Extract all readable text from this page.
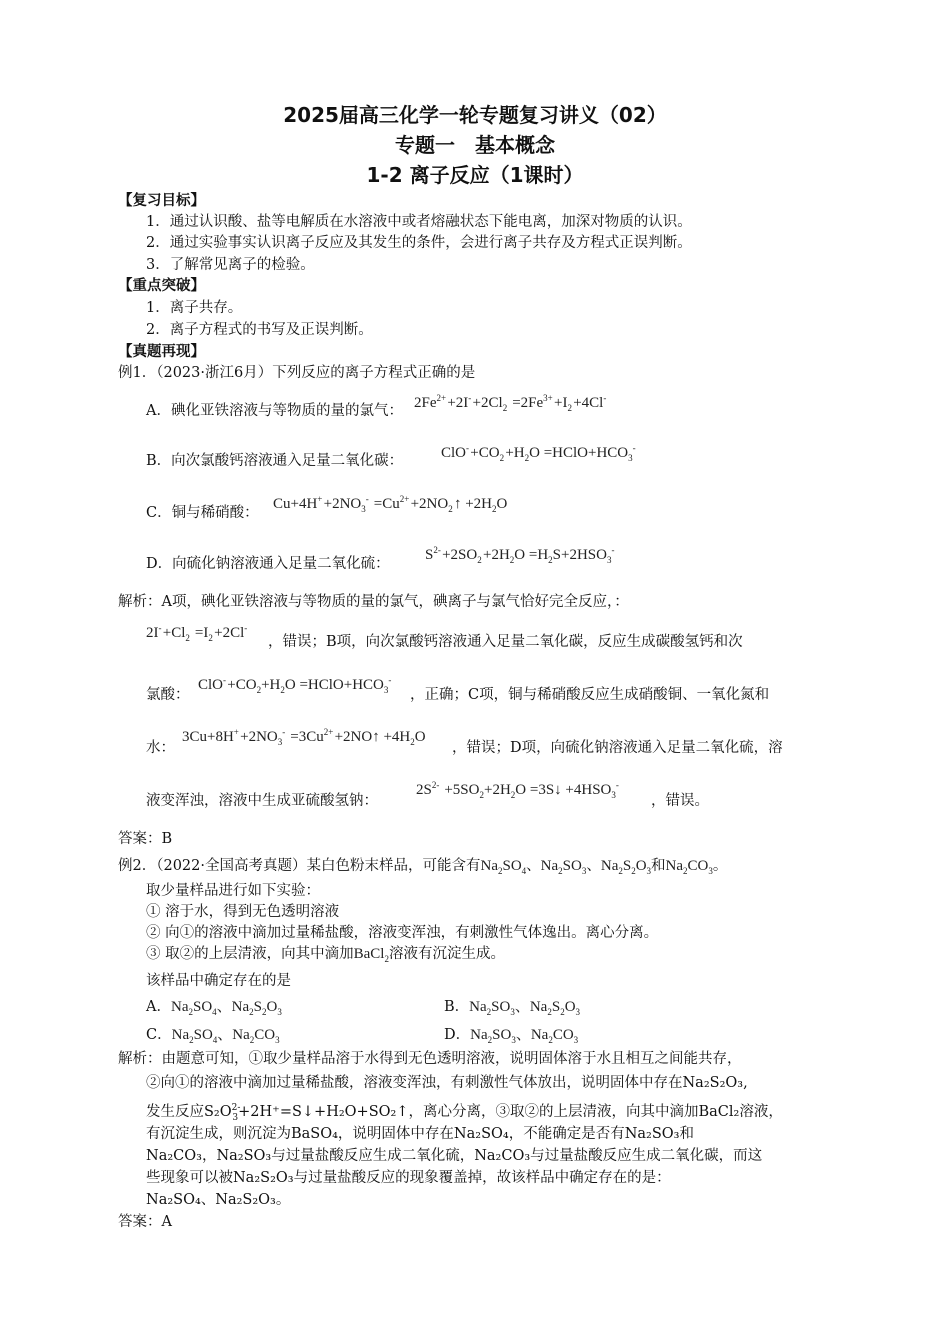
2025届高三化学一轮专题复习讲义（02）
专题一　基本概念
1-2 离子反应（1课时）
【复习目标】
1．通过认识酸、盐等电解质在水溶液中或者熔融状态下能电离，加深对物质的认识。
2．通过实验事实认识离子反应及其发生的条件，会进行离子共存及方程式正误判断。
3．了解常见离子的检验。
【重点突破】
1．离子共存。
2．离子方程式的书写及正误判断。
【真题再现】
例1．（2023·浙江6月）下列反应的离子方程式正确的是
A．碘化亚铁溶液与等物质的量的氯气： $2Fe^{2+}$ +2I- $+2Cl_2$  $=2Fe^{3+}$ $+I_2$ +4Cl-
B．向次氯酸钙溶液通入足量二氧化碳：	ClO- $+CO_2$ $+H_2O$ $=HClO+HCO_3^-$
C．铜与稀硝酸：
Cu+4H+ $+2NO_3^-$  $=Cu^{2+}$ $+2NO_2$ ↑ $+2H_2O$
D．向硫化钠溶液通入足量二氧化硫：
$S^{2-}$ $+2SO_2$ $+2H_2O =H_2S+2HSO_3^-$
解析：A项，碘化亚铁溶液与等物质的量的氯气，碘离子与氯气恰好完全反应，：
2I- $+Cl_2$  $=I_2$ +2Cl-
，错误；B项，向次氯酸钙溶液通入足量二氧化碳，反应生成碳酸氢钙和次
氯酸：
ClO- $+CO_2+H_2O$ $=HClO+HCO_3^-$
，正确；C项，铜与稀硝酸反应生成硝酸铜、一氧化氮和
水：
3Cu+8H+ $+2NO_3^-$  $=3Cu^{2+}$ +2NO↑ $+4H_2O$
，错误；D项，向硫化钠溶液通入足量二氧化硫，溶
液变浑浊，溶液中生成亚硫酸氢钠：
$2S^{2-}$  $+5SO_2+2H_2O$ =3S↓ $+4HSO_3^-$
，错误。
答案：B
例2．（2022·全国高考真题）某白色粉末样品，可能含有$Na_2SO_4$、$Na_2SO_3$、$Na_2S_2O_3$和$Na_2CO_3$。
取少量样品进行如下实验：
① 溶于水，得到无色透明溶液
② 向①的溶液中滴加过量稀盐酸，溶液变浑浊，有刺激性气体逸出。离心分离。
③ 取②的上层清液，向其中滴加BaCl$_2$溶液有沉淀生成。
该样品中确定存在的是
A．$Na_2SO_4$、$Na_2S_2O_3$	B．$Na_2SO_3$、$Na_2S_2O_3$
C．$Na_2SO_4$、$Na_2CO_3$	D．$Na_2SO_3$、$Na_2CO_3$
解析：由题意可知，①取少量样品溶于水得到无色透明溶液，说明固体溶于水且相互之间能共存，
②向①的溶液中滴加过量稀盐酸，溶液变浑浊，有刺激性气体放出，说明固体中存在Na₂S₂O₃,
发生反应$S_2O^{2-}_3+2H^+=S↓+H_2O+SO_2↑$，离心分离，③取②的上层清液，向其中滴加BaCl₂溶液，
有沉淀生成，则沉淀为BaSO₄，说明固体中存在Na₂SO₄，不能确定是否有Na₂SO₃和
Na₂CO₃，Na₂SO₃与过量盐酸反应生成二氧化硫，Na₂CO₃与过量盐酸反应生成二氧化碳，而这
些现象可以被Na₂S₂O₃与过量盐酸反应的现象覆盖掉，故该样品中确定存在的是：
Na₂SO₄、Na₂S₂O₃。
答案：A
